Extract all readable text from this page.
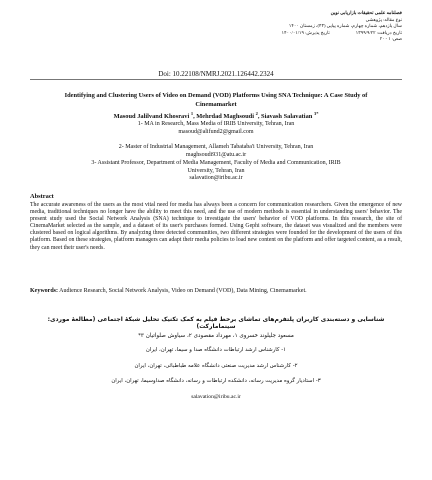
فصلنامه علمی تحقیقات بازاریابی نوین
نوع مقاله: پژوهشی
سال یازدهم، شماره چهارم، شماره پیاپی (۴۳)، زمستان ۱۴۰۰
تاریخ دریافت: ۱۳۹۹/۹/۲۲
تاریخ پذیرش: ۱۴۰۰/۰۱/۱۹
صص: ۱ - ۲۰
Doi: 10.22108/NMRJ.2021.126442.2324
Identifying and Clustering Users of Video on Demand (VOD) Platforms Using SNA Technique: A Case Study of Cinemamarket
Masoud Jalilvand Khosravi $^1$, Mehrdad Maghsoudi $^2$, Siavash Salavatian $^{3*}$
1- MA in Research, Mass Media of IRIB University, Tehran, Iran
masoud@alifund2@gmail.com
2- Master of Industrial Management, Allameh Tabataba'i University, Tehran, Iran
maghsoudi931@atu.ac.ir
3- Assistant Professor, Department of Media Management, Faculty of Media and Communication, IRIB
University, Tehran, Iran
salavation@iribu.ac.ir
Abstract
The accurate awareness of the users as the most vital need for media has always been a concern for communication researchers. Given the emergence of new media, traditional techniques no longer have the ability to meet this need, and the use of modern methods is essential in understanding users' behavior. The present study used the Social Network Analysis (SNA) technique to investigate the users' behavior of VOD platforms. In this research, the site of CinemaMarket selected as the sample, and a dataset of its user's purchases formed. Using Gephi software, the dataset was visualized and the members were clustered based on logical algorithms. By analyzing three detected communities, two different strategies were founded for the development of the users of this platform. Based on these strategies, platform managers can adapt their media policies to load new content on the platform and offer targeted content, as a result, they can meet their user's needs.
Keywords: Audience Research, Social Network Analysis, Video on Demand (VOD), Data Mining, Cinemamarket.
شناسایی و دسته‌بندی کاربران پلتفرم‌های تماشای برخط فیلم به کمک تکنیک تحلیل شبکهٔ اجتماعی (مطالعهٔ موردی: سینمامارکت)
مسعود جلیلوند خسروی ۱، مهرداد مقصودی ۲، سیاوش صلواتیان ۳*
۱- کارشناس ارشد ارتباطات دانشگاه صدا و سیما، تهران، ایران
۲- کارشناس ارشد مدیریت صنعتی دانشگاه علامه طباطبائی، تهران، ایران
۳- استادیار گروه مدیریت رسانه، دانشکده ارتباطات و رسانه، دانشگاه صداوسیما، تهران، ایران
salavation@iribu.ac.ir
